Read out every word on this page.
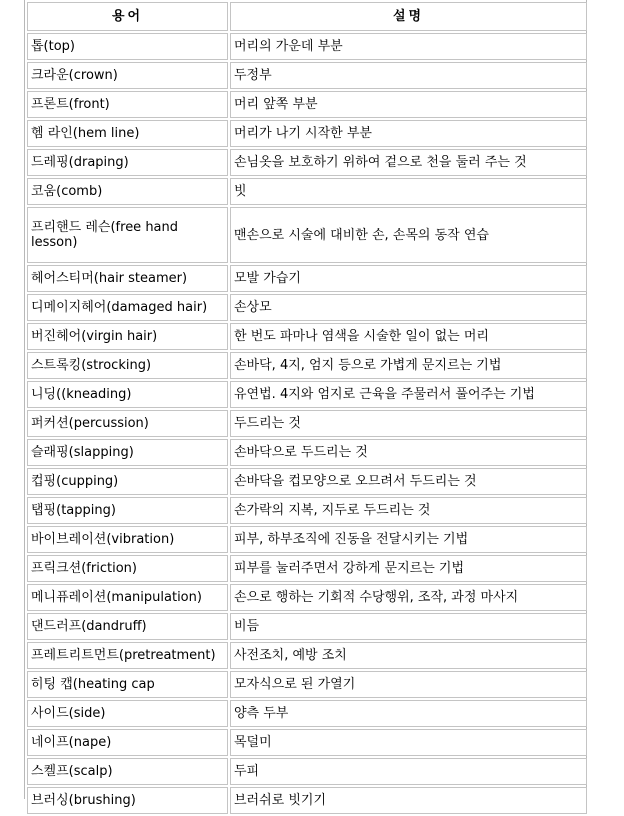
용어	설명
톱(top)	머리의 가운데 부분
크라운(crown)	두정부
프론트(front)	머리 앞쪽 부분
헴 라인(hem line)	머리가 나기 시작한 부분
드레핑(draping)	손님옷을 보호하기 위하여 겉으로 천을 둘러 주는 것
코움(comb)	빗
프리핸드 레슨(free hand lesson)	맨손으로 시술에 대비한 손, 손목의 동작 연습
헤어스티머(hair steamer)	모발 가습기
디메이지헤어(damaged hair)	손상모
버진헤어(virgin hair)	한 번도 파마나 염색을 시술한 일이 없는 머리
스트록킹(strocking)	손바닥, 4지, 엄지 등으로 가볍게 문지르는 기법
니딩((kneading)	유연법. 4지와 엄지로 근육을 주물러서 풀어주는 기법
퍼커션(percussion)	두드리는 것
슬래핑(slapping)	손바닥으로 두드리는 것
컵핑(cupping)	손바닥을 컵모양으로 오므려서 두드리는 것
탭핑(tapping)	손가락의 지복, 지두로 두드리는 것
바이브레이션(vibration)	피부, 하부조직에 진동을 전달시키는 기법
프릭크션(friction)	피부를 눌러주면서 강하게 문지르는 기법
메니퓨레이션(manipulation)	손으로 행하는 기회적 수당행위, 조작, 과정 마사지
댄드러프(dandruff)	비듬
프레트리트먼트(pretreatment)	사전조치, 예방 조치
히팅 캡(heating cap	모자식으로 된 가열기
사이드(side)	양측 두부
네이프(nape)	목덜미
스켈프(scalp)	두피
브러싱(brushing)	브러쉬로 빗기기
